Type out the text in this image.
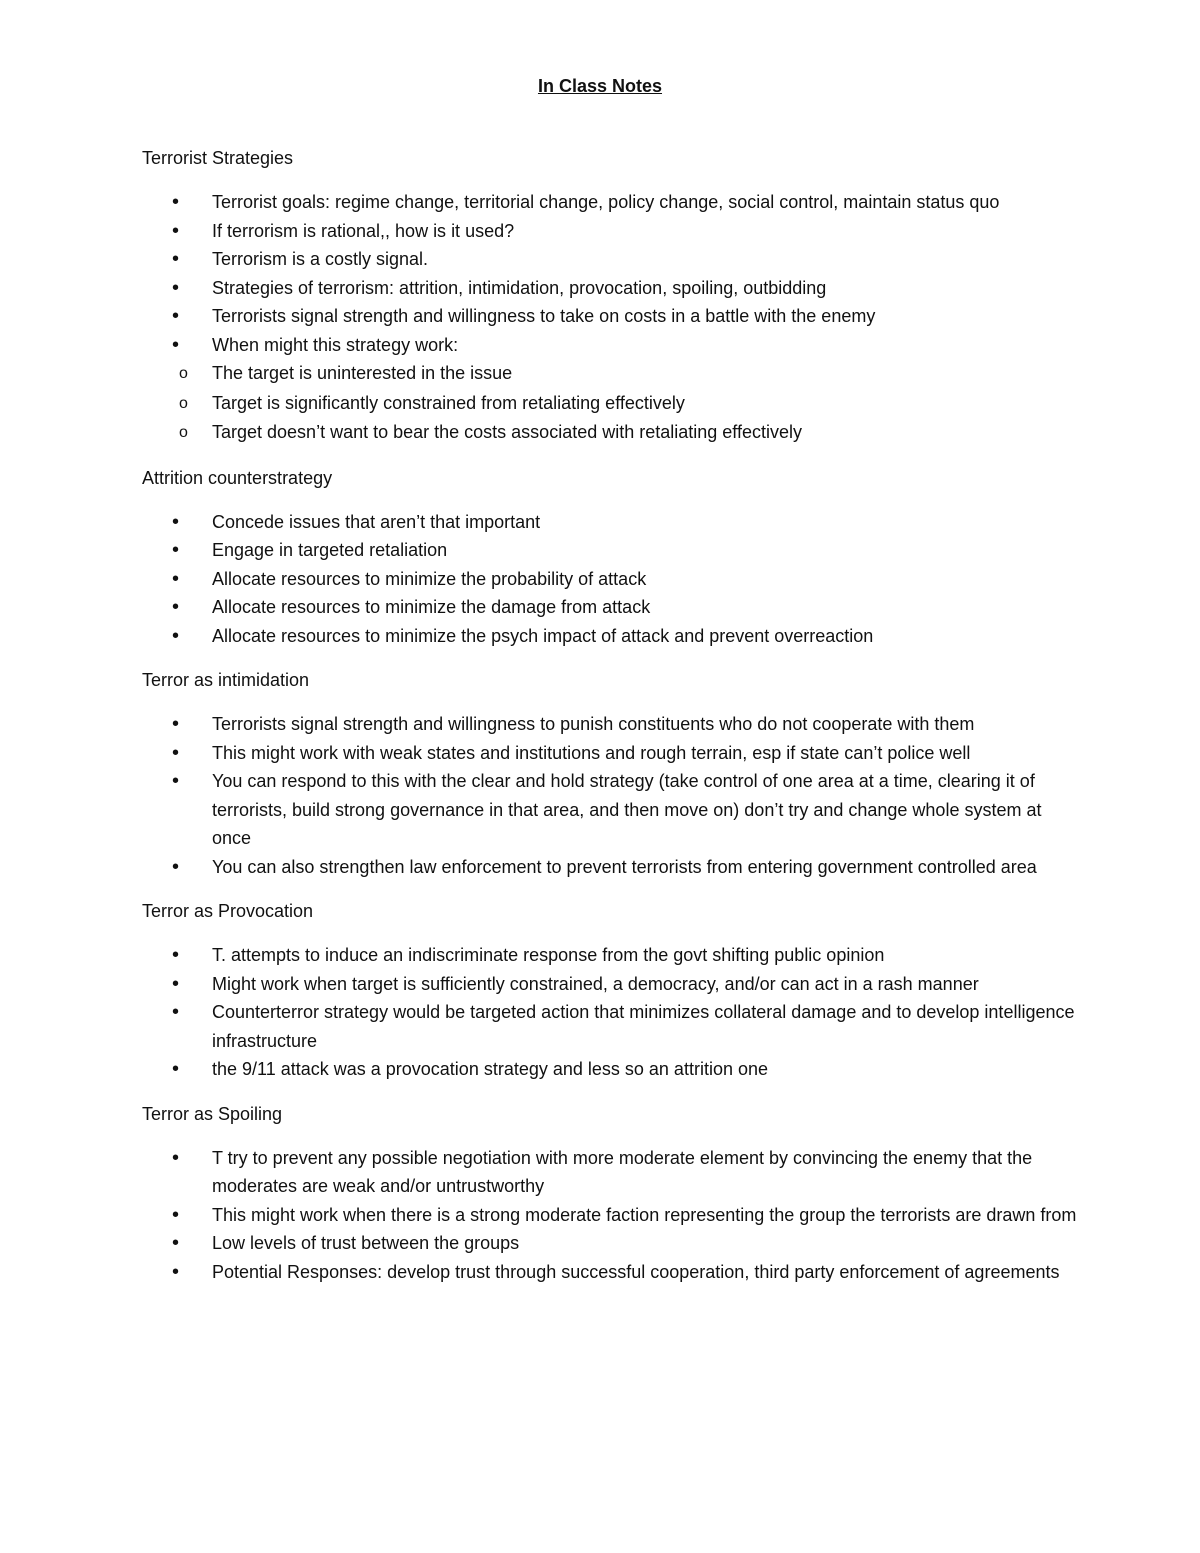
In Class Notes

Terrorist Strategies

• Terrorist goals: regime change, territorial change, policy change, social control, maintain status quo
• If terrorism is rational,, how is it used?
• Terrorism is a costly signal.
• Strategies of terrorism: attrition, intimidation, provocation, spoiling, outbidding
• Terrorists signal strength and willingness to take on costs in a battle with the enemy
• When might this strategy work:
o The target is uninterested in the issue
o Target is significantly constrained from retaliating effectively
o Target doesn’t want to bear the costs associated with retaliating effectively

Attrition counterstrategy

• Concede issues that aren’t that important
• Engage in targeted retaliation
• Allocate resources to minimize the probability of attack
• Allocate resources to minimize the damage from attack
• Allocate resources to minimize the psych impact of attack and prevent overreaction

Terror as intimidation

• Terrorists signal strength and willingness to punish constituents who do not cooperate with them
• This might work with weak states and institutions and rough terrain, esp if state can’t police well
• You can respond to this with the clear and hold strategy (take control of one area at a time, clearing it of terrorists, build strong governance in that area, and then move on) don’t try and change whole system at once
• You can also strengthen law enforcement to prevent terrorists from entering government controlled area

Terror as Provocation

• T. attempts to induce an indiscriminate response from the govt shifting public opinion
• Might work when target is sufficiently constrained, a democracy, and/or can act in a rash manner
• Counterterror strategy would be targeted action that minimizes collateral damage and to develop intelligence infrastructure
• the 9/11 attack was a provocation strategy and less so an attrition one

Terror as Spoiling

• T try to prevent any possible negotiation with more moderate element by convincing the enemy that the moderates are weak and/or untrustworthy
• This might work when there is a strong moderate faction representing the group the terrorists are drawn from
• Low levels of trust between the groups
• Potential Responses: develop trust through successful cooperation, third party enforcement of agreements
